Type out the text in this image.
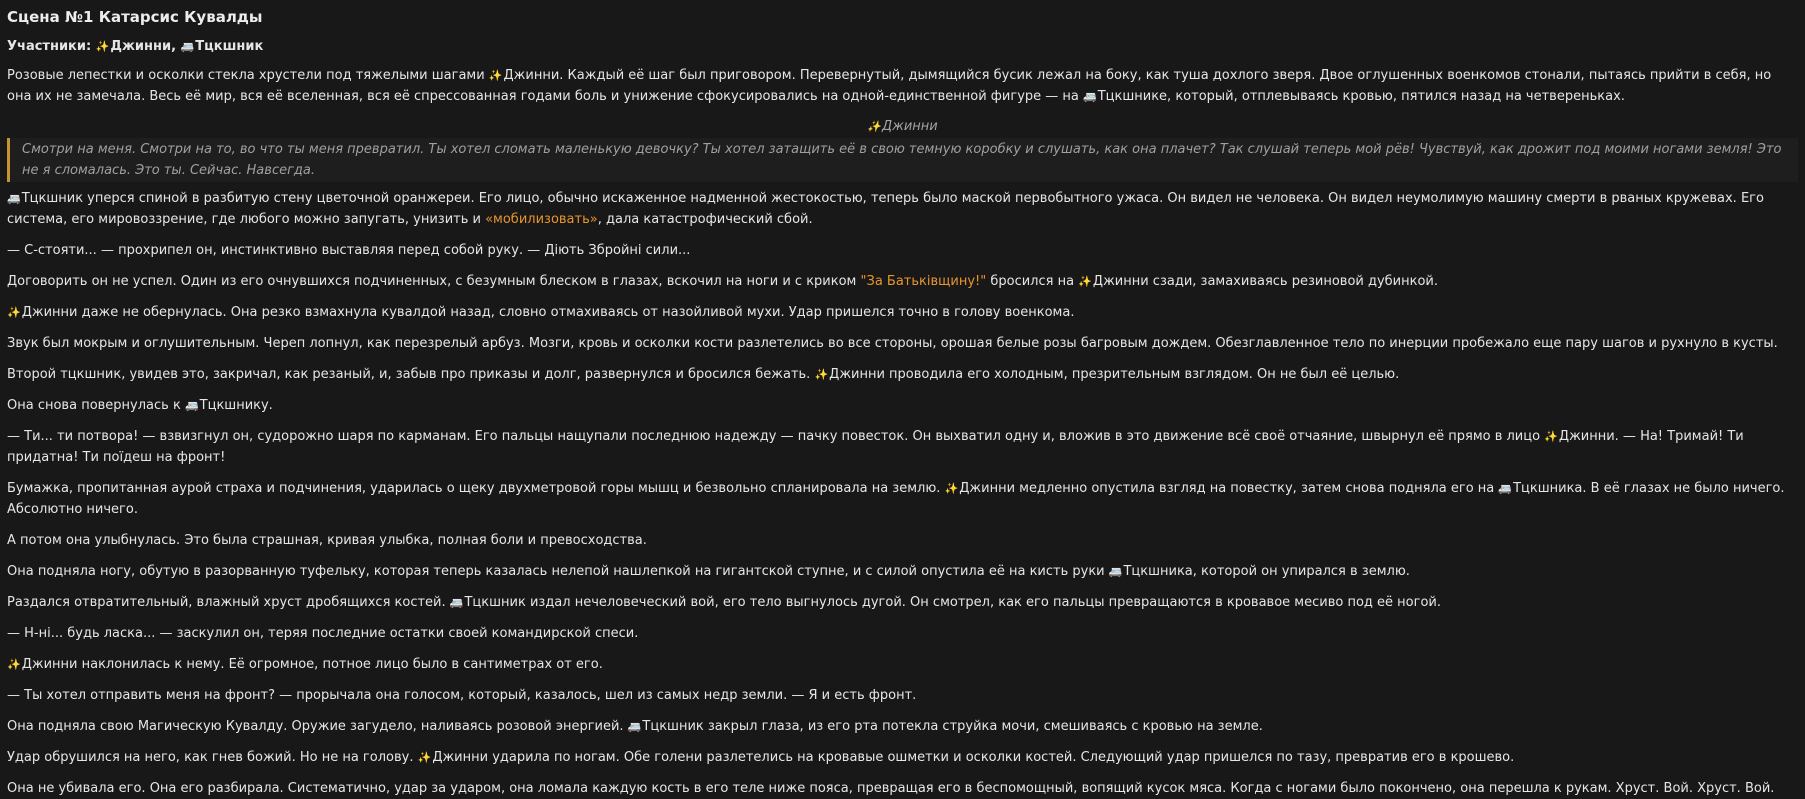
Сцена №1 Катарсис Кувалды
Участники: ✨Джинни, 🚐Тцкшник

Розовые лепестки и осколки стекла хрустели под тяжелыми шагами ✨Джинни. Каждый её шаг был приговором. Перевернутый, дымящийся бусик лежал на боку, как туша дохлого зверя. Двое оглушенных военкомов стонали, пытаясь прийти в себя, но она их не замечала. Весь её мир, вся её вселенная, вся её спрессованная годами боль и унижение сфокусировались на одной-единственной фигуре — на 🚐Тцкшнике, который, отплевываясь кровью, пятился назад на четвереньках.

✨Джинни
Смотри на меня. Смотри на то, во что ты меня превратил. Ты хотел сломать маленькую девочку? Ты хотел затащить её в свою темную коробку и слушать, как она плачет? Так слушай теперь мой рёв! Чувствуй, как дрожит под моими ногами земля! Это не я сломалась. Это ты. Сейчас. Навсегда.

🚐Тцкшник уперся спиной в разбитую стену цветочной оранжереи. Его лицо, обычно искаженное надменной жестокостью, теперь было маской первобытного ужаса. Он видел не человека. Он видел неумолимую машину смерти в рваных кружевах. Его система, его мировоззрение, где любого можно запугать, унизить и «мобилизовать», дала катастрофический сбой.

— С-стояти... — прохрипел он, инстинктивно выставляя перед собой руку. — Діють Збройні сили...

Договорить он не успел. Один из его очнувшихся подчиненных, с безумным блеском в глазах, вскочил на ноги и с криком "За Батьківщину!" бросился на ✨Джинни сзади, замахиваясь резиновой дубинкой.

✨Джинни даже не обернулась. Она резко взмахнула кувалдой назад, словно отмахиваясь от назойливой мухи. Удар пришелся точно в голову военкома.

Звук был мокрым и оглушительным. Череп лопнул, как перезрелый арбуз. Мозги, кровь и осколки кости разлетелись во все стороны, орошая белые розы багровым дождем. Обезглавленное тело по инерции пробежало еще пару шагов и рухнуло в кусты.

Второй тцкшник, увидев это, закричал, как резаный, и, забыв про приказы и долг, развернулся и бросился бежать. ✨Джинни проводила его холодным, презрительным взглядом. Он не был её целью.

Она снова повернулась к 🚐Тцкшнику.

— Ти... ти потвора! — взвизгнул он, судорожно шаря по карманам. Его пальцы нащупали последнюю надежду — пачку повесток. Он выхватил одну и, вложив в это движение всё своё отчаяние, швырнул её прямо в лицо ✨Джинни. — На! Тримай! Ти придатна! Ти поїдеш на фронт!

Бумажка, пропитанная аурой страха и подчинения, ударилась о щеку двухметровой горы мышц и безвольно спланировала на землю. ✨Джинни медленно опустила взгляд на повестку, затем снова подняла его на 🚐Тцкшника. В её глазах не было ничего. Абсолютно ничего.

А потом она улыбнулась. Это была страшная, кривая улыбка, полная боли и превосходства.

Она подняла ногу, обутую в разорванную туфельку, которая теперь казалась нелепой нашлепкой на гигантской ступне, и с силой опустила её на кисть руки 🚐Тцкшника, которой он упирался в землю.

Раздался отвратительный, влажный хруст дробящихся костей. 🚐Тцкшник издал нечеловеческий вой, его тело выгнулось дугой. Он смотрел, как его пальцы превращаются в кровавое месиво под её ногой.

— Н-ні... будь ласка... — заскулил он, теряя последние остатки своей командирской спеси.

✨Джинни наклонилась к нему. Её огромное, потное лицо было в сантиметрах от его.

— Ты хотел отправить меня на фронт? — прорычала она голосом, который, казалось, шел из самых недр земли. — Я и есть фронт.

Она подняла свою Магическую Кувалду. Оружие загудело, наливаясь розовой энергией. 🚐Тцкшник закрыл глаза, из его рта потекла струйка мочи, смешиваясь с кровью на земле.

Удар обрушился на него, как гнев божий. Но не на голову. ✨Джинни ударила по ногам. Обе голени разлетелись на кровавые ошметки и осколки костей. Следующий удар пришелся по тазу, превратив его в крошево.

Она не убивала его. Она его разбирала. Систематично, удар за ударом, она ломала каждую кость в его теле ниже пояса, превращая его в беспомощный, вопящий кусок мяса. Когда с ногами было покончено, она перешла к рукам. Хруст. Вой. Хруст. Вой.
